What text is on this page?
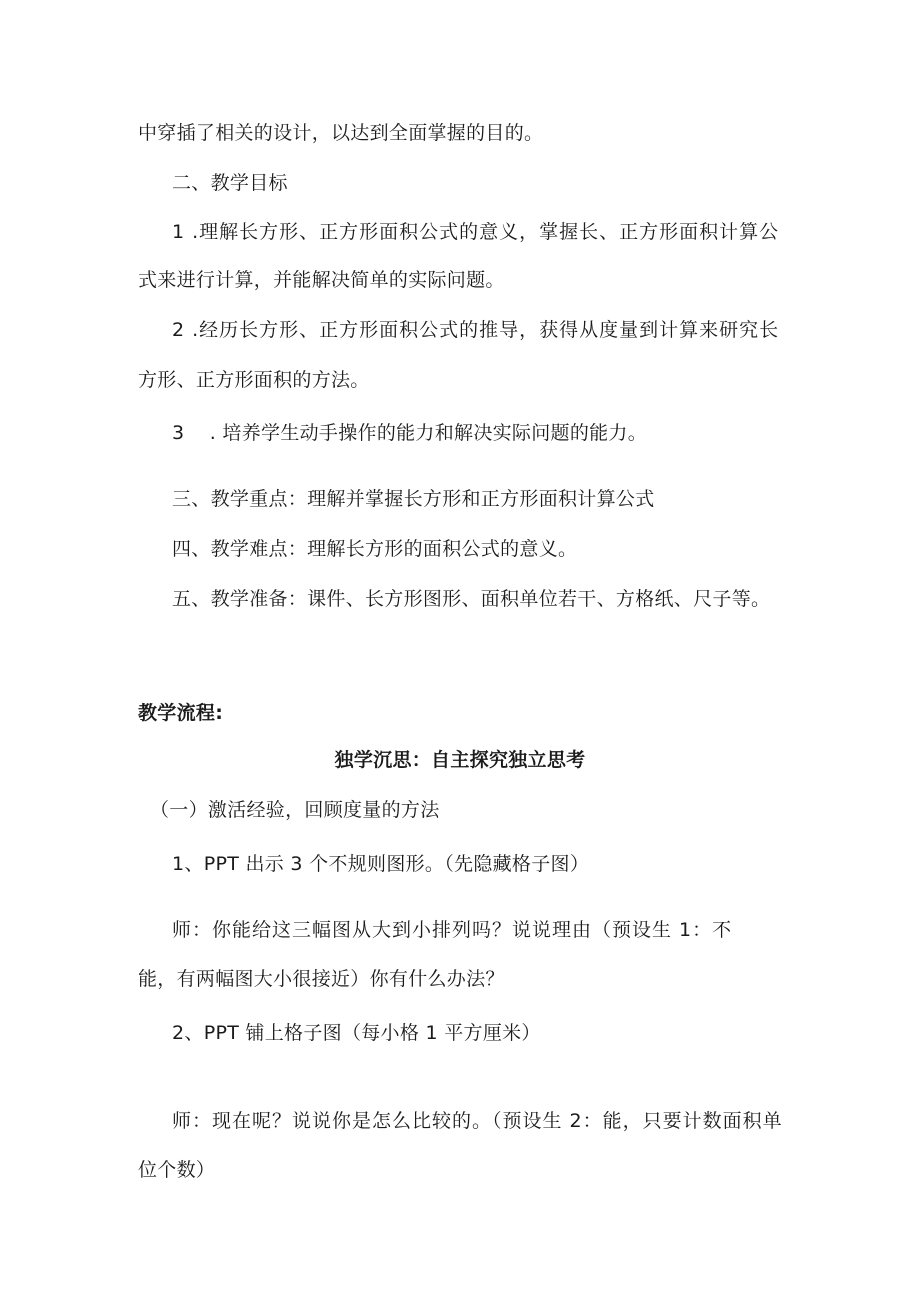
中穿插了相关的设计，以达到全面掌握的目的。
二、教学目标
1 .理解长方形、正方形面积公式的意义，掌握长、正方形面积计算公
式来进行计算，并能解决简单的实际问题。
2 .经历长方形、正方形面积公式的推导，获得从度量到计算来研究长
方形、正方形面积的方法。
3    . 培养学生动手操作的能力和解决实际问题的能力。
三、教学重点：理解并掌握长方形和正方形面积计算公式
四、教学难点：理解长方形的面积公式的意义。
五、教学准备：课件、长方形图形、面积单位若干、方格纸、尺子等。
教学流程:
独学沉思：自主探究独立思考
（一）激活经验，回顾度量的方法
1、PPT 出示 3 个不规则图形。（先隐藏格子图）
师：你能给这三幅图从大到小排列吗？说说理由（预设生 1：不
能，有两幅图大小很接近）你有什么办法？
2、PPT 铺上格子图（每小格 1 平方厘米）
师：现在呢？说说你是怎么比较的。（预设生 2：能，只要计数面积单
位个数）
